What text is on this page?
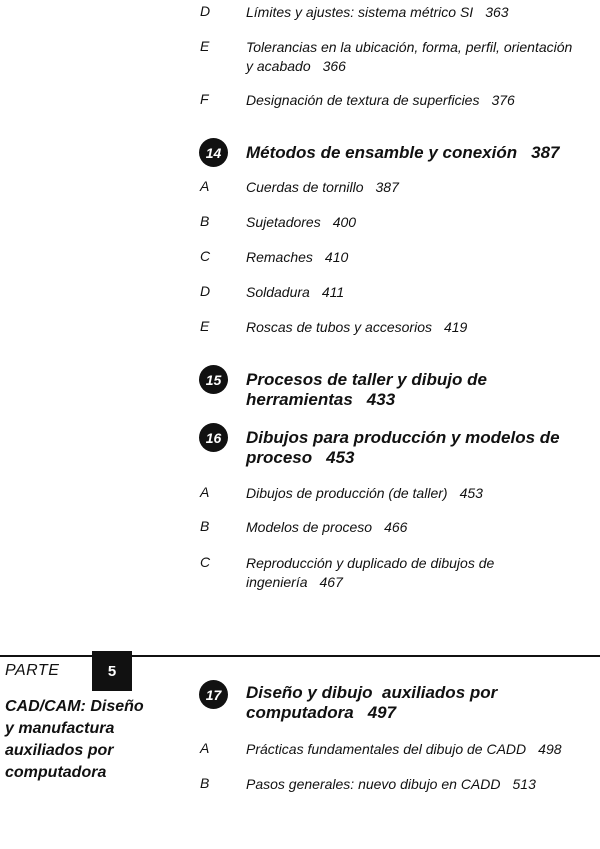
D	Límites y ajustes: sistema métrico SI 363
E	Tolerancias en la ubicación, forma, perfil, orientación
y acabado 366
F	Designación de textura de superficies 376
14	Métodos de ensamble y conexión 387
A	Cuerdas de tornillo 387
B	Sujetadores 400
C	Remaches 410
D	Soldadura 411
E	Roscas de tubos y accesorios 419
15	Procesos de taller y dibujo de
herramientas 433
16	Dibujos para producción y modelos de
proceso 453
A	Dibujos de producción (de taller) 453
B	Modelos de proceso 466
C	Reproducción y duplicado de dibujos de
ingeniería 467
PARTE	5
CAD/CAM: Diseño
y manufactura
auxiliados por
computadora
17	Diseño y dibujo  auxiliados por
computadora 497
A	Prácticas fundamentales del dibujo de CADD 498
B	Pasos generales: nuevo dibujo en CADD 513
